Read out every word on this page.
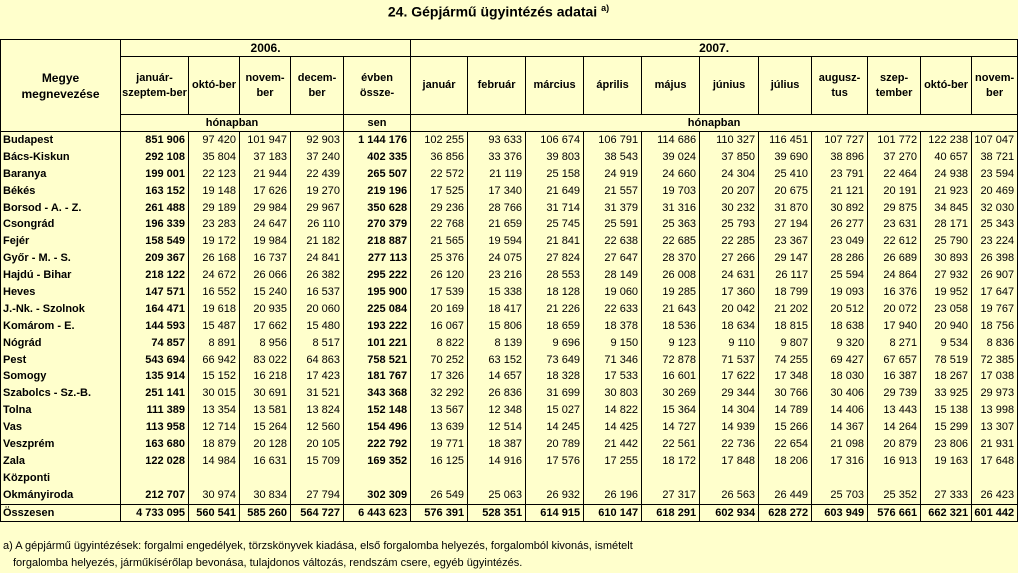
24. Gépjármű ügyintézés adatai $^{a)}$
Megye megnevezése	2006.					2007.										
	január-szeptem-ber	októ-ber	novem-ber	decem-ber	évben össze-	január	február	március	április	május	június	július	augusz-tus	szep-tember	októ-ber	novem-ber
	hónapban				sen	hónapban										
Budapest	851 906	97 420	101 947	92 903	1 144 176	102 255	93 633	106 674	106 791	114 686	110 327	116 451	107 727	101 772	122 238	107 047
Bács-Kiskun	292 108	35 804	37 183	37 240	402 335	36 856	33 376	39 803	38 543	39 024	37 850	39 690	38 896	37 270	40 657	38 721
Baranya	199 001	22 123	21 944	22 439	265 507	22 572	21 119	25 158	24 919	24 660	24 304	25 410	23 791	22 464	24 938	23 594
Békés	163 152	19 148	17 626	19 270	219 196	17 525	17 340	21 649	21 557	19 703	20 207	20 675	21 121	20 191	21 923	20 469
Borsod - A. - Z.	261 488	29 189	29 984	29 967	350 628	29 236	28 766	31 714	31 379	31 316	30 232	31 870	30 892	29 875	34 845	32 030
Csongrád	196 339	23 283	24 647	26 110	270 379	22 768	21 659	25 745	25 591	25 363	25 793	27 194	26 277	23 631	28 171	25 343
Fejér	158 549	19 172	19 984	21 182	218 887	21 565	19 594	21 841	22 638	22 685	22 285	23 367	23 049	22 612	25 790	23 224
Győr - M. - S.	209 367	26 168	16 737	24 841	277 113	25 376	24 075	27 824	27 647	28 370	27 266	29 147	28 286	26 689	30 893	26 398
Hajdú - Bihar	218 122	24 672	26 066	26 382	295 222	26 120	23 216	28 553	28 149	26 008	24 631	26 117	25 594	24 864	27 932	26 907
Heves	147 571	16 552	15 240	16 537	195 900	17 539	15 338	18 128	19 060	19 285	17 360	18 799	19 093	16 376	19 952	17 647
J.-Nk. - Szolnok	164 471	19 618	20 935	20 060	225 084	20 169	18 417	21 226	22 633	21 643	20 042	21 202	20 512	20 072	23 058	19 767
Komárom - E.	144 593	15 487	17 662	15 480	193 222	16 067	15 806	18 659	18 378	18 536	18 634	18 815	18 638	17 940	20 940	18 756
Nógrád	74 857	8 891	8 956	8 517	101 221	8 822	8 139	9 696	9 150	9 123	9 110	9 807	9 320	8 271	9 534	8 836
Pest	543 694	66 942	83 022	64 863	758 521	70 252	63 152	73 649	71 346	72 878	71 537	74 255	69 427	67 657	78 519	72 385
Somogy	135 914	15 152	16 218	17 423	181 767	17 326	14 657	18 328	17 533	16 601	17 622	17 348	18 030	16 387	18 267	17 038
Szabolcs - Sz.-B.	251 141	30 015	30 691	31 521	343 368	32 292	26 836	31 699	30 803	30 269	29 344	30 766	30 406	29 739	33 925	29 973
Tolna	111 389	13 354	13 581	13 824	152 148	13 567	12 348	15 027	14 822	15 364	14 304	14 789	14 406	13 443	15 138	13 998
Vas	113 958	12 714	15 264	12 560	154 496	13 639	12 514	14 245	14 425	14 727	14 939	15 266	14 367	14 264	15 299	13 307
Veszprém	163 680	18 879	20 128	20 105	222 792	19 771	18 387	20 789	21 442	22 561	22 736	22 654	21 098	20 879	23 806	21 931
Zala	122 028	14 984	16 631	15 709	169 352	16 125	14 916	17 576	17 255	18 172	17 848	18 206	17 316	16 913	19 163	17 648
Központi																
Okmányiroda	212 707	30 974	30 834	27 794	302 309	26 549	25 063	26 932	26 196	27 317	26 563	26 449	25 703	25 352	27 333	26 423
Összesen	4 733 095	560 541	585 260	564 727	6 443 623	576 391	528 351	614 915	610 147	618 291	602 934	628 272	603 949	576 661	662 321	601 442
a) A gépjármű ügyintézések: forgalmi engedélyek, törzskönyvek kiadása, első forgalomba helyezés, forgalomból kivonás, ismételt
forgalomba helyezés, járműkísérőlap bevonása, tulajdonos változás, rendszám csere, egyéb ügyintézés.
